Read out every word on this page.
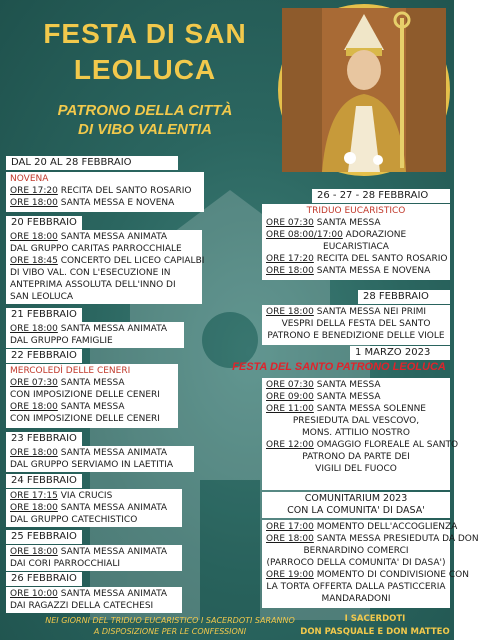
FESTA DI SAN
LEOLUCA
PATRONO DELLA CITTÀ
DI VIBO VALENTIA
DAL 20 AL 28 FEBBRAIO
NOVENA
ORE 17:20 RECITA DEL SANTO ROSARIO
ORE 18:00 SANTA MESSA E NOVENA
20 FEBBRAIO
ORE 18:00 SANTA MESSA ANIMATA
DAL GRUPPO CARITAS PARROCCHIALE
ORE 18:45 CONCERTO DEL LICEO CAPIALBI
DI VIBO VAL. CON L'ESECUZIONE IN
ANTEPRIMA ASSOLUTA DELL'INNO DI
SAN LEOLUCA
21 FEBBRAIO
ORE 18:00 SANTA MESSA ANIMATA
DAL GRUPPO FAMIGLIE
22 FEBBRAIO
MERCOLEDÌ DELLE CENERI
ORE 07:30 SANTA MESSA
CON IMPOSIZIONE DELLE CENERI
ORE 18:00 SANTA MESSA
CON IMPOSIZIONE DELLE CENERI
23 FEBBRAIO
ORE 18:00 SANTA MESSA ANIMATA
DAL GRUPPO SERVIAMO IN LAETITIA
24 FEBBRAIO
ORE 17:15 VIA CRUCIS
ORE 18:00 SANTA MESSA ANIMATA
DAL GRUPPO CATECHISTICO
25 FEBBRAIO
ORE 18:00 SANTA MESSA ANIMATA
DAI CORI PARROCCHIALI
26 FEBBRAIO
ORE 10:00 SANTA MESSA ANIMATA
DAI RAGAZZI DELLA CATECHESI
26 - 27 - 28 FEBBRAIO
TRIDUO EUCARISTICO
ORE 07:30 SANTA MESSA
ORE 08:00/17:00 ADORAZIONE
EUCARISTIACA
ORE 17:20 RECITA DEL SANTO ROSARIO
ORE 18:00 SANTA MESSA E NOVENA
28 FEBBRAIO
ORE 18:00 SANTA MESSA NEI PRIMI
VESPRI DELLA FESTA DEL SANTO
PATRONO E BENEDIZIONE DELLE VIOLE
1 MARZO 2023
FESTA DEL SANTO PATRONO LEOLUCA
ORE 07:30 SANTA MESSA
ORE 09:00 SANTA MESSA
ORE 11:00 SANTA MESSA SOLENNE
PRESIEDUTA DAL VESCOVO,
MONS. ATTILIO NOSTRO
ORE 12:00 OMAGGIO FLOREALE AL SANTO
PATRONO DA PARTE DEI
VIGILI DEL FUOCO
COMUNITARIUM 2023
CON LA COMUNITA' DI DASA'
ORE 17:00 MOMENTO DELL'ACCOGLIENZA
ORE 18:00 SANTA MESSA PRESIEDUTA DA DON
BERNARDINO COMERCI
(PARROCO DELLA COMUNITA' DI DASA')
ORE 19:00 MOMENTO DI CONDIVISIONE CON
LA TORTA OFFERTA DALLA PASTICCERIA
MANDARADONI
NEI GIORNI DEL TRIDUO EUCARISTICO I SACERDOTI SARANNO
A DISPOSIZIONE PER LE CONFESSIONI
I SACERDOTI
DON PASQUALE E DON MATTEO
